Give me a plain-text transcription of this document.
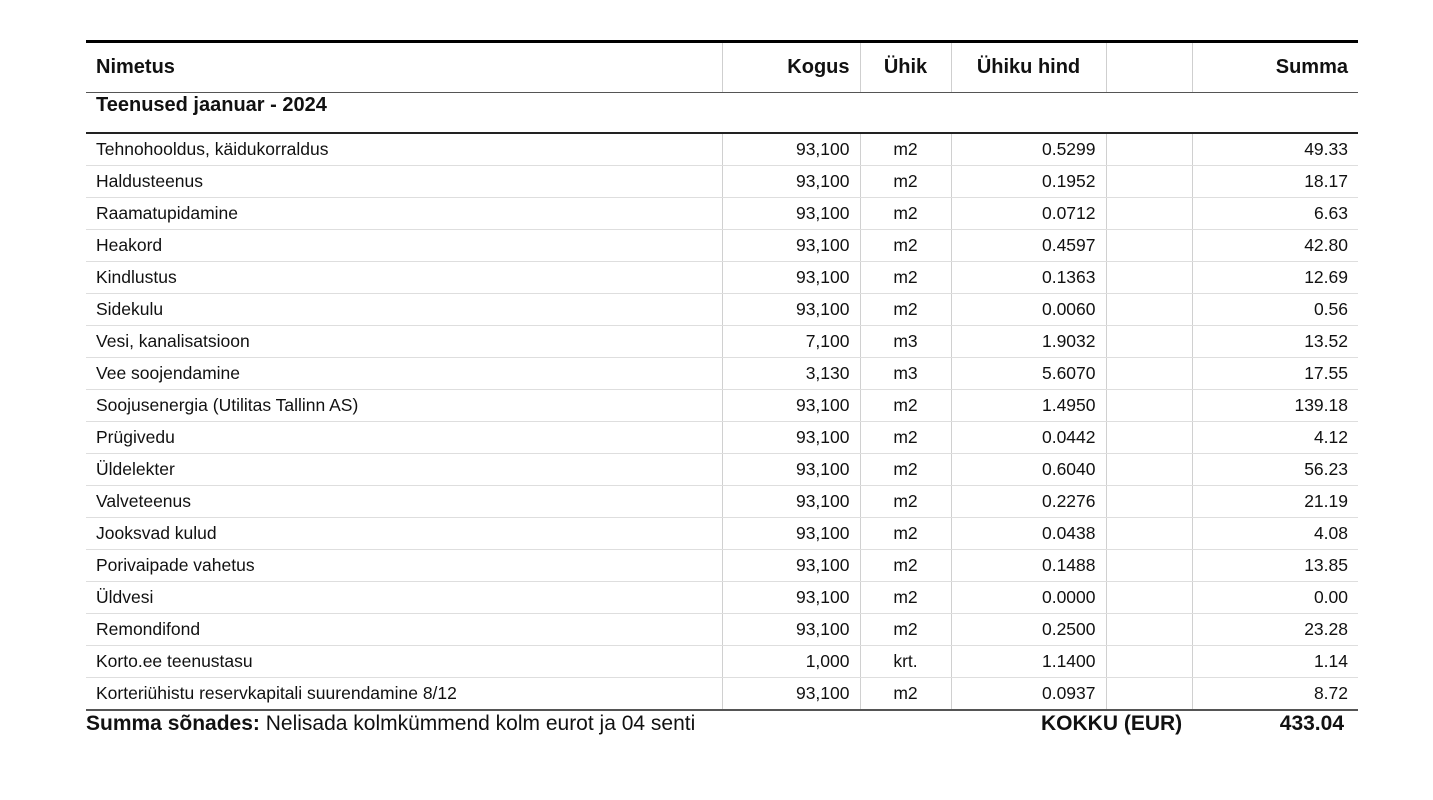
Nimetus	Kogus	Ühik	Ühiku hind		Summa
Teenused jaanuar - 2024					
Tehnohooldus, käidukorraldus	93,100	m2	0.5299		49.33
Haldusteenus	93,100	m2	0.1952		18.17
Raamatupidamine	93,100	m2	0.0712		6.63
Heakord	93,100	m2	0.4597		42.80
Kindlustus	93,100	m2	0.1363		12.69
Sidekulu	93,100	m2	0.0060		0.56
Vesi, kanalisatsioon	7,100	m3	1.9032		13.52
Vee soojendamine	3,130	m3	5.6070		17.55
Soojusenergia (Utilitas Tallinn AS)	93,100	m2	1.4950		139.18
Prügivedu	93,100	m2	0.0442		4.12
Üldelekter	93,100	m2	0.6040		56.23
Valveteenus	93,100	m2	0.2276		21.19
Jooksvad kulud	93,100	m2	0.0438		4.08
Porivaipade vahetus	93,100	m2	0.1488		13.85
Üldvesi	93,100	m2	0.0000		0.00
Remondifond	93,100	m2	0.2500		23.28
Korto.ee teenustasu	1,000	krt.	1.1400		1.14
Korteriühistu reservkapitali suurendamine 8/12	93,100	m2	0.0937		8.72
Summa sõnades: Nelisada kolmkümmend kolm eurot ja 04 senti	KOKKU (EUR)	433.04
